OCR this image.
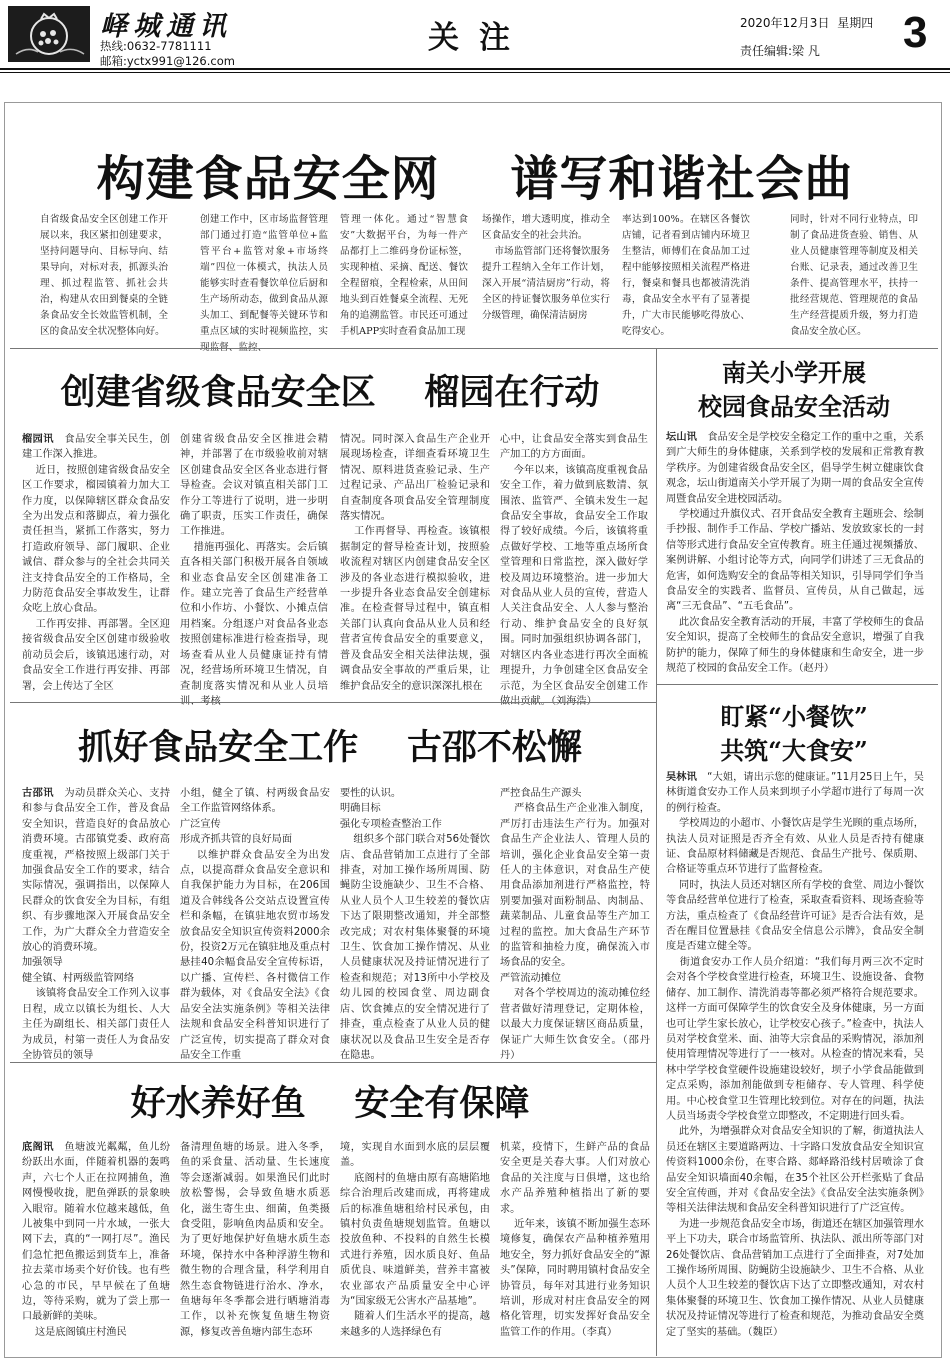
峄城通讯
热线:0632-7781111
邮箱:yctx991@126.com
关注	2020年12月3日 星期四
责任编辑:梁 凡 3
构建食品安全网    谱写和谐社会曲
自省级食品安全区创建工作开展以来，我区紧扣创建要求，坚持问题导向、目标导向、结果导向，对标对表，抓源头治理、抓过程监管、抓社会共治，构建从农田到餐桌的全链条食品安全长效监管机制，全区的食品安全状况整体向好。
创建工作中，区市场监督管理部门通过打造“监管单位+监管平台+监管对象+市场终端”四位一体模式，执法人员能够实时查看餐饮单位后厨和生产场所动态，做到食品从源头加工、到配餐等关键环节和重点区域的实时视频监控，实
管理一体化。通过“智慧食安”大数据平台，为每一件产品都打上二维码身份证标签，实现种植、采摘、配送、餐饮全程留痕，全程检索，从田间地头到百姓餐桌全流程、无死角的追溯监管。市民还可通过手机APP实时查看食品加工现
场操作，增大透明度，推动全区食品安全的社会共治。
市场监管部门还将餐饮服务提升工程纳入全年工作计划，深入开展“清洁厨房”行动，将全区的持证餐饮服务单位实行分级管理，确保清洁厨房
率达到100%。在辖区各餐饮店铺，记者看到店铺内环境卫生整洁，师傅们在食品加工过程中能够按照相关流程严格进行，餐桌和餐具也都被清洗消毒，食品安全水平有了显著提升，广大市民能够吃得放心、吃得安心。
同时，针对不同行业特点，印制了食品进货查验、销售、从业人员健康管理等制度及相关台账、记录表，通过改善卫生条件、提高管理水平，扶持一批经营规范、管理规范的食品生产经营提质升级，努力打造食品安全放心区。
创建省级食品安全区    榴园在行动
榴园讯　 食品安全事关民生，创建工作深入推进。
近日，按照创建省级食品安全区工作要求，榴园镇着力加大工作力度，以保障辖区群众食品安全为出发点和落脚点，着力强化责任担当，紧抓工作落实，努力打造政府领导、部门履职、企业诚信、群众参与的全社会共同关注支持食品安全的工作格局，全力防范食品安全事故发生，让群众吃上放心食品。
工作再安排、再部署。全区迎接省级食品安全区创建市级验收前动员会后，该镇迅速行动，对食品安全工作进行再安排、再部署，会上传达了全区
创建省级食品安全区推进会精神，并部署了在市级验收前对辖区创建食品安全区各业态进行督导检查。会议对镇直相关部门工作分工等进行了说明，进一步明确了职责，压实工作责任，确保工作推进。
措施再强化、再落实。会后镇直各相关部门积极开展各自领域和业态食品安全区创建准备工作。建立完善了食品生产经营单位和小作坊、小餐饮、小摊点信用档案。分组逐户对食品各业态按照创建标准进行检查指导，现场查看从业人员健康证持有情况，经营场所环境卫生情况，自查制度落实情况和从业人员培
情况。同时深入食品生产企业开展现场检查，详细查看环境卫生情况、原料进货查验记录、生产过程记录、产品出厂检验记录和自查制度各项食品安全管理制度落实情况。
工作再督导、再检查。该镇根据制定的督导检查计划，按照验收流程对辖区内创建食品安全区涉及的各业态进行模拟验收，进一步提升各业态食品安全创建标准。在检查督导过程中，镇直相关部门认真向食品从业人员和经营者宣传食品安全的重要意义，普及食品安全相关法律法规，强调食品安全事故的严重后果，让维护食品安全的意识深深扎根在
心中，让食品安全落实到食品生产加工的方方面面。
今年以来，该镇高度重视食品安全工作，着力做到底数清、氛围浓、监管严、全镇未发生一起食品安全事故，食品安全工作取得了较好成绩。今后，该镇将重点做好学校、工地等重点场所食堂管理和日常监控，深入做好学校及周边环境整治。进一步加大对食品从业人员的宣传，营造人人关注食品安全、人人参与整治行动、维护食品安全的良好氛围。同时加强组织协调各部门，对辖区内各业态进行再次全面梳理提升，力争创建全区食品安全示范，为全区食品安全创建工作
抓好食品安全工作    古邵不松懈
古邵讯　 为动员群众关心、支持和参与食品安全工作，普及食品安全知识，营造良好的食品放心消费环境。古邵镇党委、政府高度重视，严格按照上级部门关于加强食品安全工作的要求，结合实际情况，强调指出，以保障人民群众的饮食安全为目标，有组织、有步骤地深入开展食品安全工作，为广大群众全力营造安全放心的消费环境。
加强领导
健全镇、村两级监管网络
该镇将食品安全工作列入议事日程，成立以镇长为组长、人大主任为副组长、相关部门责任人为成员，村第一责任人为食品安全协管员的领导
小组，健全了镇、村两级食品安全工作监管网络体系。
广泛宣传
形成齐抓共管的良好局面
以维护群众食品安全为出发点，以提高群众食品安全意识和自我保护能力为目标，在206国道及合韩线各公交站点设置宣传栏和条幅，在镇驻地农贸市场发放食品安全知识宣传资料2000余份，投资2万元在镇驻地及重点村悬挂40余幅食品安全宣传标语，以广播、宣传栏、各村微信工作群为载体，对《食品安全法》《食品安全法实施条例》等相关法律法规和食品安全科普知识进行了广泛宣传，切实提高了群众对食品安全工作重
要性的认识。
明确目标
强化专项检查整治工作
组织多个部门联合对56处餐饮店、食品营销加工点进行了全部排查，对加工操作场所周围、防蝇防尘设施缺少、卫生不合格、从业人员个人卫生较差的餐饮店下达了限期整改通知，并全部整改完成；对农村集体聚餐的环境卫生、饮食加工操作情况、从业人员健康状况及持证情况进行了检查和规范；对13所中小学校及幼儿园的校园食堂、周边副食店、饮食摊点的安全情况进行了排查，重点检查了从业人员的健康状况以及食品卫生安全是否存在隐患。
严控食品生产源头
严格食品生产企业准入制度，严厉打击违法生产行为。加强对食品生产企业法人、管理人员的培训，强化企业食品安全第一责任人的主体意识，对食品生产使用食品添加剂进行严格监控，特别要加强对面粉制品、肉制品、蔬菜制品、儿童食品等生产加工过程的监控。加大食品生产环节的监管和抽检力度，确保流入市场食品的安全。
严管流动摊位
对各个学校周边的流动摊位经营者做好清理登记，定期体检，以最大力度保证辖区商品质量，保证广大师生饮食安全。（邵丹丹）
好水养好鱼    安全有保障
底阁讯　 鱼塘波光粼粼，鱼儿纷纷跃出水面，伴随着机器的轰鸣声，六七个人正在拉网捕鱼，渔网慢慢收拢，肥鱼弹跃的景象映入眼帘。随着水位越来越低，鱼儿被集中到同一片水域，一张大网下去，真的“一网打尽”。渔民们急忙把鱼搬运到货车上，准备拉去菜市场卖个好价钱。也有些心急的市民，早早候在了鱼塘边，等待采购，就为了尝上那一口最新鲜的美味。
这是底阁镇庄村渔民
备清理鱼塘的场景。进入冬季，鱼的采食量、活动量、生长速度等会逐渐减弱。如果渔民们此时放松警惕，会导致鱼塘水质恶化，滋生寄生虫、细菌，鱼类摄食受阻，影响鱼肉品质和安全。为了更好地保护好鱼塘水质生态环境，保持水中各种浮游生物和微生物的合理含量，科学利用自然生态食物链进行治水、净水，鱼塘每年冬季都会进行晒塘消毒工作，以补充恢复鱼塘生物资源，修复改善鱼塘内部生态环
境，实现自水面到水底的层层覆盖。
底阁村的鱼塘由原有高塘陷地综合治理后改建而成，再将建成后的标准鱼塘租给村民承包，由镇村负责鱼塘规划监管。鱼塘以投放鱼种、不投料的自然生长模式进行养殖，因水质良好、鱼品质优良、味道鲜美，营养丰富被农业部农产品质量安全中心评为“国家级无公害水产品基地”。
随着人们生活水平的提高，越来越多的人选择绿色有
机菜，疫情下，生鲜产品的食品安全更是关春大事。人们对放心食品的关注度与日俱增，这也给水产品养殖种植指出了新的要求。
近年来，该镇不断加强生态环境修复，确保农产品种植养殖用地安全，努力抓好食品安全的“源头”保障，同时聘用镇村食品安全协管员，每年对其进行业务知识培训，形成对村庄食品安全的网格化管理，切实发挥好食品安全监管工作的作用。（李真）
南关小学开展
校园食品安全活动
坛山讯　 食品安全是学校安全稳定工作的重中之重，关系到广大师生的身体健康，关系到学校的发展和正常教育教学秩序。为创建省级食品安全区，倡导学生树立健康饮食观念，坛山街道南关小学开展了为期一周的食品安全宣传周暨食品安全进校园活动。
学校通过升旗仪式、召开食品安全教育主题班会、绘制手抄报、制作手工作品、学校广播站、发放致家长的一封信等形式进行食品安全宣传教育。班主任通过视频播放、案例讲解、小组讨论等方式，向同学们讲述了三无食品的危害，如何选购安全的食品等相关知识，引导同学们争当食品安全的实践者、监督员、宣传员，从自己做起，远离“三无食品”、“五毛食品”。
此次食品安全教育活动的开展，丰富了学校师生的食品安全知识，提高了全校师生的食品安全意识，增强了自我防护的能力，保障了师生的身体健康和生命安全，进一步规范了校园的食品安全工作。（赵丹）
盯紧“小餐饮”
共筑“大食安”
吴林讯　 “大姐，请出示您的健康证。”11月25日上午，吴林街道食安办工作人员来到坝子小学超市进行了每周一次的例行检查。
学校周边的小超市、小餐饮店是学生光顾的重点场所，执法人员对证照是否齐全有效、从业人员是否持有健康证、食品原材料储藏是否规范、食品生产批号、保质期、合格证等重点环节进行了监督检查。
同时，执法人员还对辖区所有学校的食堂、周边小餐饮等食品经营单位进行了检查，采取查看资料、现场查验等方法，重点检查了《食品经营许可证》是否合法有效，是否在醒目位置悬挂《食品安全信息公示牌》，食品安全制度是否建立健全等。
街道食安办工作人员介绍道：“我们每月两三次不定时会对各个学校食堂进行检查，环境卫生、设施设备、食物储存、加工制作、清洗消毒等都必须严格符合规范要求。这样一方面可保障学生的饮食安全及身体健康，另一方面也可让学生家长放心，让学校安心孩子。”检查中，执法人员对学校食堂米、面、油等大宗食品的采购情况，添加剂使用管理情况等进行了一一核对。从检查的情况来看，吴林中学学校食堂硬件设施建设较好，坝子小学食品能做到定点采购，添加剂能做到专柜储存、专人管理、科学使用。中心校食堂卫生管理比较到位。对存在的问题，执法人员当场责令学校食堂立即整改，不定期进行回头看。
此外，为增强群众对食品安全知识的了解，街道执法人员还在辖区主要道路两边、十字路口发放食品安全知识宣传资料1000余份，在枣合路、郯峄路沿线村居喷涂了食品安全知识墙面40余幅，在35个社区公开栏张贴了食品安全宣传画，并对《食品安全法》《食品安全法实施条例》等相关法律法规和食品安全科普知识进行了广泛宣传。
为进一步规范食品安全市场，街道还在辖区加强管理水平上下功夫，联合市场监管所、执法队、派出所等部门对26处餐饮店、食品营销加工点进行了全面排查，对7处加工操作场所周围、防蝇防尘设施缺少、卫生不合格、从业人员个人卫生较差的餐饮店下达了立即整改通知，对农村集体聚餐的环境卫生、饮食加工操作情况、从业人员健康状况及持证情况等进行了检查和规范，为推动食品安全奠定了坚实的基础。（魏臣）
